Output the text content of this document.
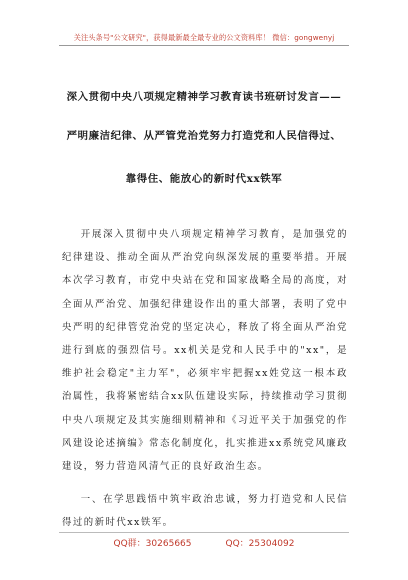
关注头条号"公文研究"，获得最新最全最专业的公文资料库！ 微信：gongwenyj
深入贯彻中央八项规定精神学习教育读书班研讨发言——
严明廉洁纪律、从严管党治党努力打造党和人民信得过、
靠得住、能放心的新时代xx铁军

开展深入贯彻中央八项规定精神学习教育，是加强党的纪律建设、推动全面从严治党向纵深发展的重要举措。开展本次学习教育，市党中央站在党和国家战略全局的高度，对全面从严治党、加强纪律建设作出的重大部署，表明了党中央严明的纪律管党治党的坚定决心，释放了将全面从严治党进行到底的强烈信号。xx机关是党和人民手中的"xx"，是维护社会稳定"主力军"，必须牢牢把握xx姓党这一根本政治属性，我将紧密结合xx队伍建设实际，持续推动学习贯彻中央八项规定及其实施细则精神和《习近平关于加强党的作风建设论述摘编》常态化制度化，扎实推进xx系统党风廉政建设，努力营造风清气正的良好政治生态。

一、在学思践悟中筑牢政治忠诚，努力打造党和人民信得过的新时代xx铁军。

QQ群：30265665	QQ：25304092
